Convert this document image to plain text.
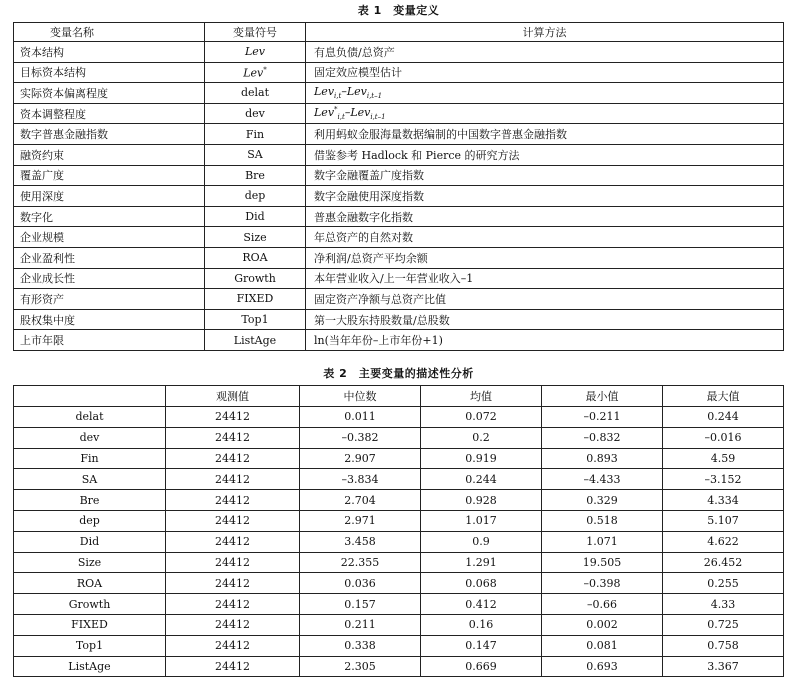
表 1　变量定义
变量名称	变量符号	计算方法
资本结构	Lev	有息负债/总资产
目标资本结构	Lev*	固定效应模型估计
实际资本偏离程度	delat	Lev$_{i,t}$–Lev$_{i,t-1}$
资本调整程度	dev	Lev*$_{i,t}$–Lev$_{i,t-1}$
数字普惠金融指数	Fin	利用蚂蚁金服海量数据编制的中国数字普惠金融指数
融资约束	SA	借鉴参考 Hadlock 和 Pierce 的研究方法
覆盖广度	Bre	数字金融覆盖广度指数
使用深度	dep	数字金融使用深度指数
数字化	Did	普惠金融数字化指数
企业规模	Size	年总资产的自然对数
企业盈利性	ROA	净利润/总资产平均余额
企业成长性	Growth	本年营业收入/上一年营业收入–1
有形资产	FIXED	固定资产净额与总资产比值
股权集中度	Top1	第一大股东持股数量/总股数
上市年限	ListAge	ln(当年年份–上市年份+1)
表 2　主要变量的描述性分析
	观测值	中位数	均值	最小值	最大值
delat	24412	0.011	0.072	–0.211	0.244
dev	24412	–0.382	0.2	–0.832	–0.016
Fin	24412	2.907	0.919	0.893	4.59
SA	24412	–3.834	0.244	–4.433	–3.152
Bre	24412	2.704	0.928	0.329	4.334
dep	24412	2.971	1.017	0.518	5.107
Did	24412	3.458	0.9	1.071	4.622
Size	24412	22.355	1.291	19.505	26.452
ROA	24412	0.036	0.068	–0.398	0.255
Growth	24412	0.157	0.412	–0.66	4.33
FIXED	24412	0.211	0.16	0.002	0.725
Top1	24412	0.338	0.147	0.081	0.758
ListAge	24412	2.305	0.669	0.693	3.367
